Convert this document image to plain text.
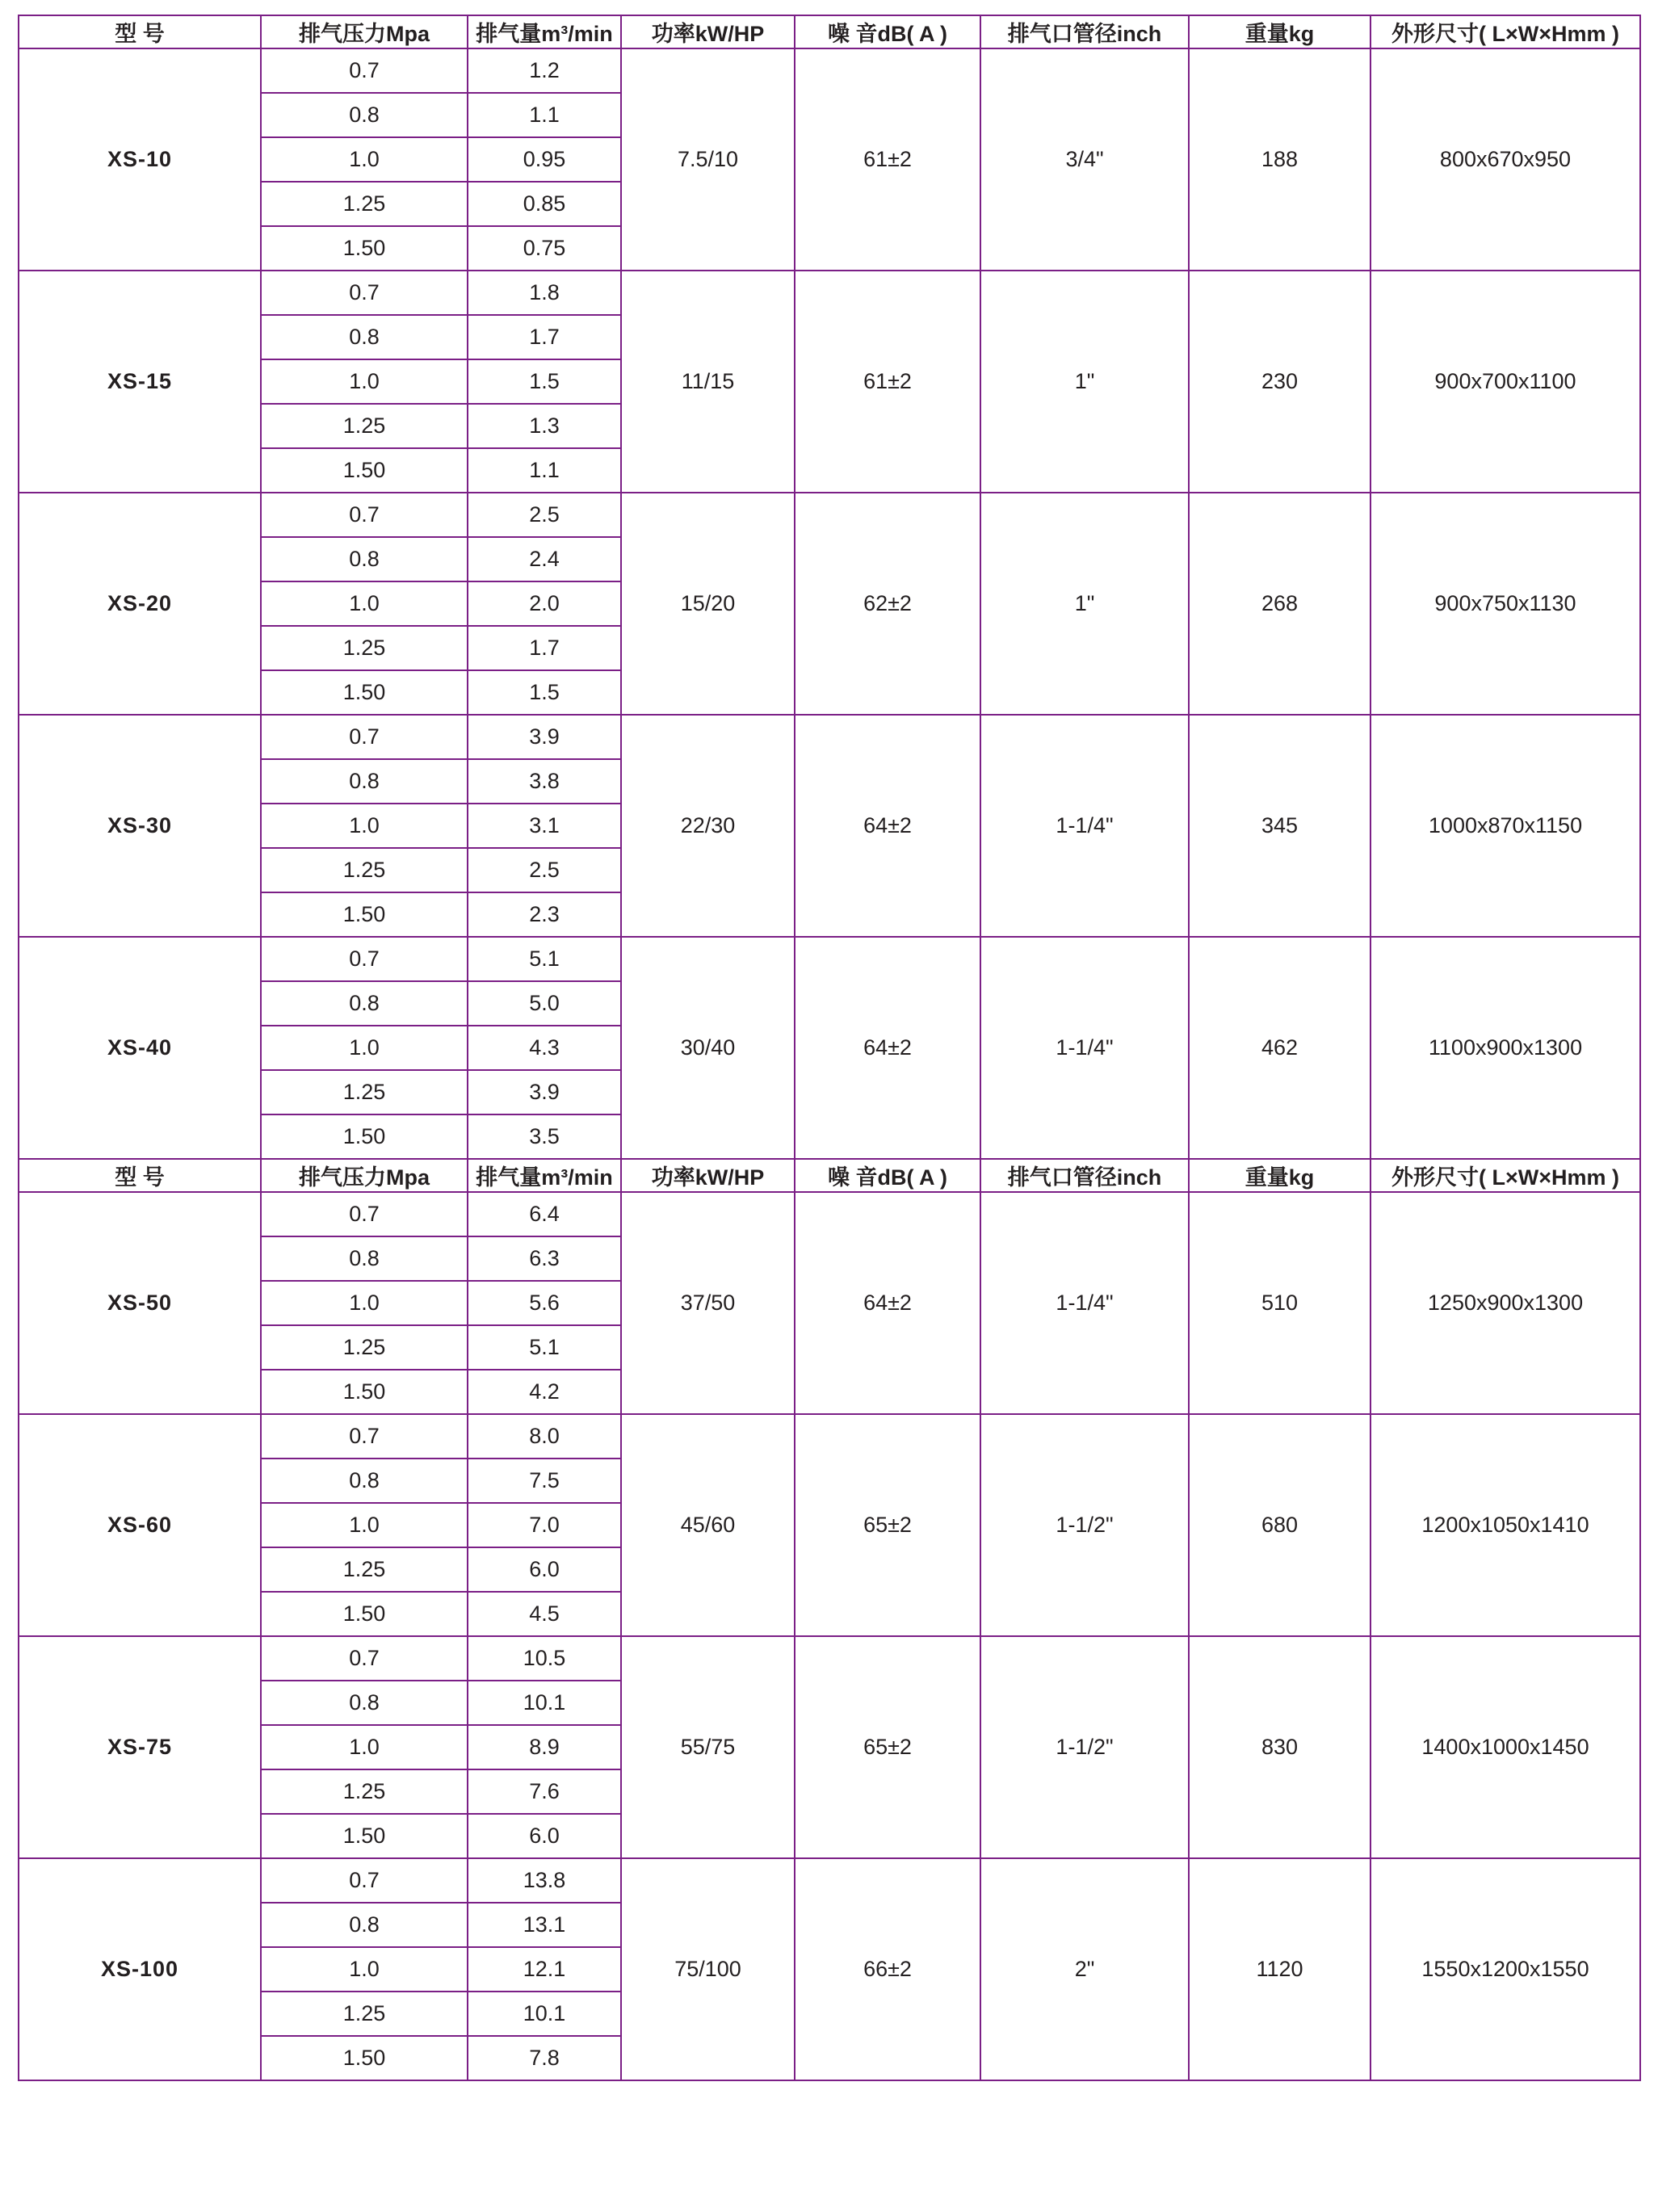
型 号	排气压力Mpa	排气量m³/min	功率kW/HP	噪 音dB( A )	排气口管径inch	重量kg	外形尺寸( L×W×Hmm )
XS-10	0.7	1.2	7.5/10	61±2	3/4"	188	800x670x950
	0.8	1.1					
	1.0	0.95					
	1.25	0.85					
	1.50	0.75					
XS-15	0.7	1.8	11/15	61±2	1"	230	900x700x1100
	0.8	1.7					
	1.0	1.5					
	1.25	1.3					
	1.50	1.1					
XS-20	0.7	2.5	15/20	62±2	1"	268	900x750x1130
	0.8	2.4					
	1.0	2.0					
	1.25	1.7					
	1.50	1.5					
XS-30	0.7	3.9	22/30	64±2	1-1/4"	345	1000x870x1150
	0.8	3.8					
	1.0	3.1					
	1.25	2.5					
	1.50	2.3					
XS-40	0.7	5.1	30/40	64±2	1-1/4"	462	1100x900x1300
	0.8	5.0					
	1.0	4.3					
	1.25	3.9					
	1.50	3.5					
型 号	排气压力Mpa	排气量m³/min	功率kW/HP	噪 音dB( A )	排气口管径inch	重量kg	外形尺寸( L×W×Hmm )
XS-50	0.7	6.4	37/50	64±2	1-1/4"	510	1250x900x1300
	0.8	6.3					
	1.0	5.6					
	1.25	5.1					
	1.50	4.2					
XS-60	0.7	8.0	45/60	65±2	1-1/2"	680	1200x1050x1410
	0.8	7.5					
	1.0	7.0					
	1.25	6.0					
	1.50	4.5					
XS-75	0.7	10.5	55/75	65±2	1-1/2"	830	1400x1000x1450
	0.8	10.1					
	1.0	8.9					
	1.25	7.6					
	1.50	6.0					
XS-100	0.7	13.8	75/100	66±2	2"	1120	1550x1200x1550
	0.8	13.1					
	1.0	12.1					
	1.25	10.1					
	1.50	7.8					
